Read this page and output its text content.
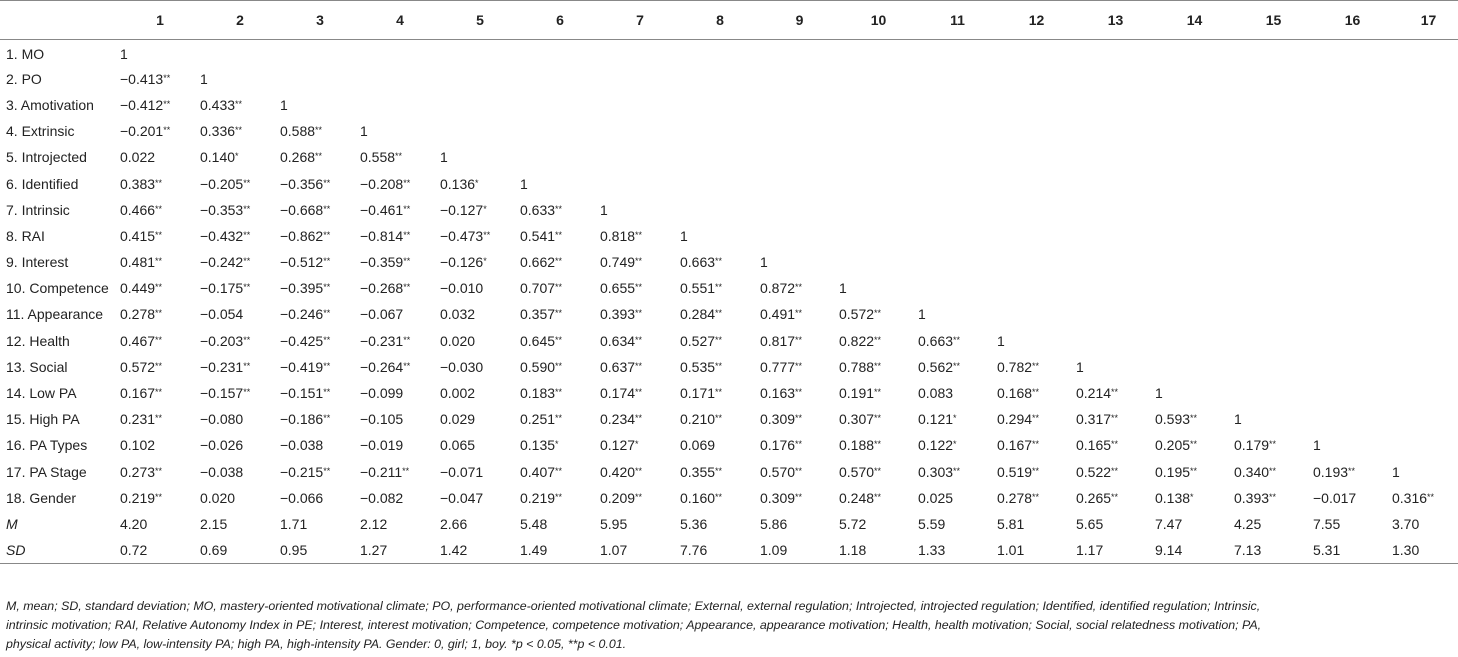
	1	2	3	4	5	6	7	8	9	10	11	12	13	14	15	16	17
1. MO	1																
2. PO	−0.413**	1															
3. Amotivation	−0.412**	0.433**	1														
4. Extrinsic	−0.201**	0.336**	0.588**	1													
5. Introjected	0.022	0.140*	0.268**	0.558**	1												
6. Identified	0.383**	−0.205**	−0.356**	−0.208**	0.136*	1											
7. Intrinsic	0.466**	−0.353**	−0.668**	−0.461**	−0.127*	0.633**	1										
8. RAI	0.415**	−0.432**	−0.862**	−0.814**	−0.473**	0.541**	0.818**	1									
9. Interest	0.481**	−0.242**	−0.512**	−0.359**	−0.126*	0.662**	0.749**	0.663**	1								
10. Competence	0.449**	−0.175**	−0.395**	−0.268**	−0.010	0.707**	0.655**	0.551**	0.872**	1							
11. Appearance	0.278**	−0.054	−0.246**	−0.067	0.032	0.357**	0.393**	0.284**	0.491**	0.572**	1						
12. Health	0.467**	−0.203**	−0.425**	−0.231**	0.020	0.645**	0.634**	0.527**	0.817**	0.822**	0.663**	1					
13. Social	0.572**	−0.231**	−0.419**	−0.264**	−0.030	0.590**	0.637**	0.535**	0.777**	0.788**	0.562**	0.782**	1				
14. Low PA	0.167**	−0.157**	−0.151**	−0.099	0.002	0.183**	0.174**	0.171**	0.163**	0.191**	0.083	0.168**	0.214**	1			
15. High PA	0.231**	−0.080	−0.186**	−0.105	0.029	0.251**	0.234**	0.210**	0.309**	0.307**	0.121*	0.294**	0.317**	0.593**	1		
16. PA Types	0.102	−0.026	−0.038	−0.019	0.065	0.135*	0.127*	0.069	0.176**	0.188**	0.122*	0.167**	0.165**	0.205**	0.179**	1	
17. PA Stage	0.273**	−0.038	−0.215**	−0.211**	−0.071	0.407**	0.420**	0.355**	0.570**	0.570**	0.303**	0.519**	0.522**	0.195**	0.340**	0.193**	1
18. Gender	0.219**	0.020	−0.066	−0.082	−0.047	0.219**	0.209**	0.160**	0.309**	0.248**	0.025	0.278**	0.265**	0.138*	0.393**	−0.017	0.316**
M	4.20	2.15	1.71	2.12	2.66	5.48	5.95	5.36	5.86	5.72	5.59	5.81	5.65	7.47	4.25	7.55	3.70
SD	0.72	0.69	0.95	1.27	1.42	1.49	1.07	7.76	1.09	1.18	1.33	1.01	1.17	9.14	7.13	5.31	1.30
M, mean; SD, standard deviation; MO, mastery-oriented motivational climate; PO, performance-oriented motivational climate; External, external regulation; Introjected, introjected regulation; Identified, identified regulation; Intrinsic,
intrinsic motivation; RAI, Relative Autonomy Index in PE; Interest, interest motivation; Competence, competence motivation; Appearance, appearance motivation; Health, health motivation; Social, social relatedness motivation; PA,
physical activity; low PA, low-intensity PA; high PA, high-intensity PA. Gender: 0, girl; 1, boy. *p < 0.05, **p < 0.01.
